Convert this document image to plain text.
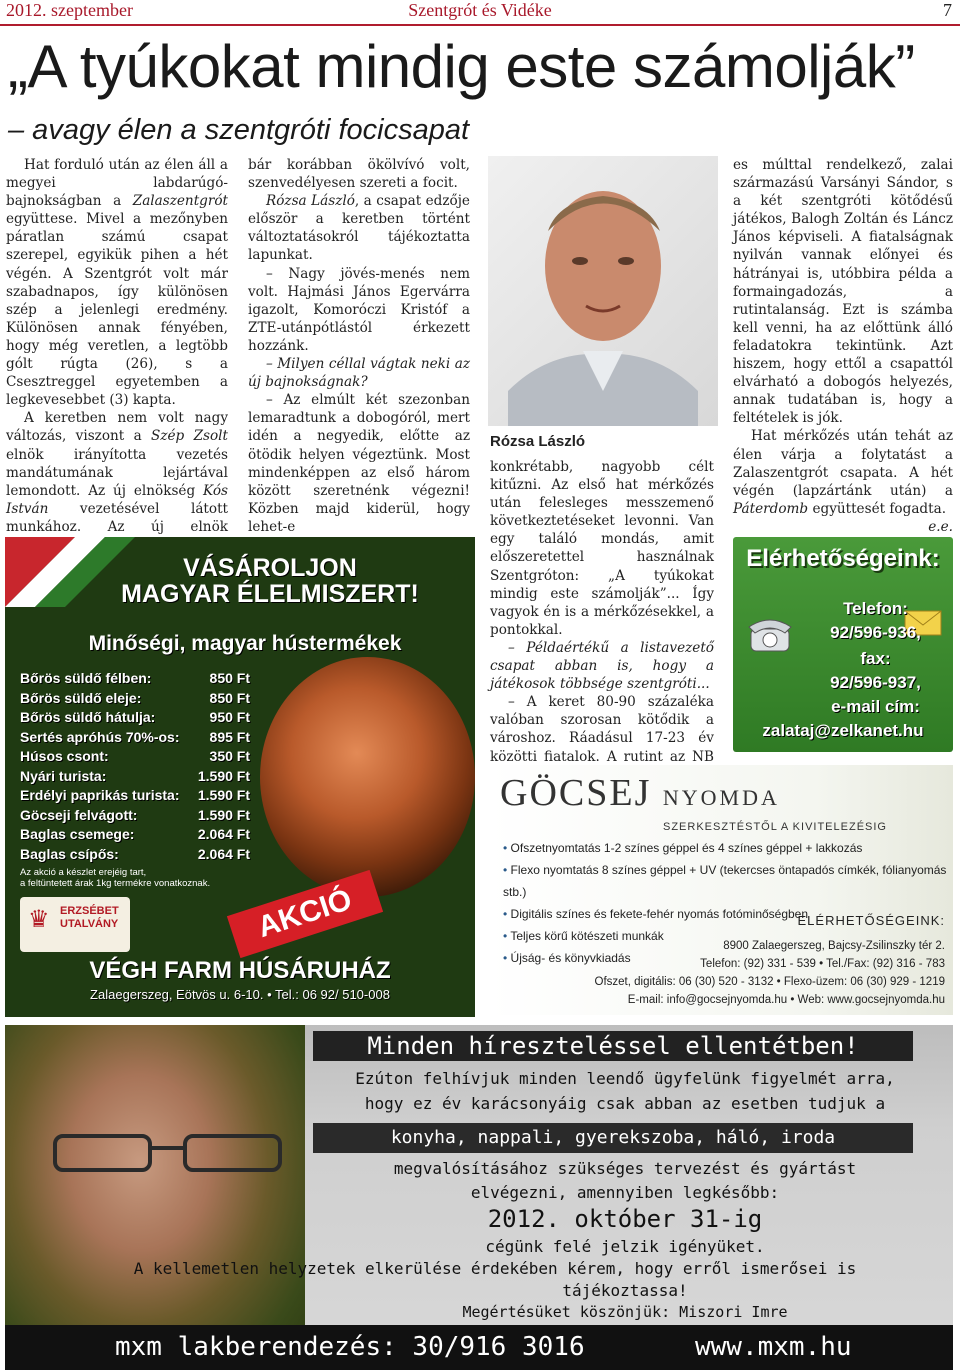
2012. szeptember	Szentgrót és Vidéke	7
„A tyúkokat mindig este számolják”
– avagy élen a szentgróti focicsapat

Hat forduló után az élen áll a megyei labdarúgó-bajnokságban a Zalaszentgrót együttese. Mivel a mezőnyben páratlan számú csapat szerepel, egyikük pihen a hét végén. A Szentgrót volt már szabadnapos, így különösen szép a jelenlegi eredmény. Különösen annak fényében, hogy még veretlen, a legtöbb gólt rúgta (26), s a Csesztreggel egyetemben a legkevesebbet (3) kapta.

A keretben nem volt nagy változás, viszont a Szép Zsolt elnök irányította vezetés mandátumának lejártával lemondott. Az új elnökség Kós István vezetésével látott munkához. Az új elnök

bár korábban ökölvívó volt, szenvedélyesen szereti a focit.

Rózsa László, a csapat edzője először a keretben történt változtatásokról tájékoztatta lapunkat.

– Nagy jövés-menés nem volt. Hajmási János Egervárra igazolt, Komoróczi Kristóf a ZTE-utánpótlástól érkezett hozzánk.

– Milyen céllal vágtak neki az új bajnokságnak?

– Az elmúlt két szezonban lemaradtunk a dobogóról, mert idén a negyedik, előtte az ötödik helyen végeztünk. Most mindenképpen az első három között szeretnénk végezni! Közben majd kiderül, hogy lehet-e

Rózsa László

konkrétabb, nagyobb célt kitűzni. Az első hat mérkőzés után felesleges messzemenő következtetéseket levonni. Van egy találó mondás, amit előszeretettel használnak Szentgróton: „A tyúkokat mindig este számolják”... Így vagyok én is a mérkőzésekkel, a pontokkal.

– Példaértékű a listavezető csapat abban is, hogy a játékosok többsége szentgróti...

– A keret 80-90 százaléka valóban szorosan kötődik a városhoz. Ráadásul 17-23 év közötti fiatalok. A rutint az NB

es múlttal rendelkező, zalai származású Varsányi Sándor, s a két szentgróti kötődésű játékos, Balogh Zoltán és Láncz János képviseli. A fiatalságnak nyilván vannak előnyei és hátrányai is, utóbbira példa a formaingadozás, a rutintalanság. Ezt is számba kell venni, ha az előttünk álló feladatokra tekintünk. Azt hiszem, hogy ettől a csapattól elvárható a dobogós helyezés, annak tudatában is, hogy a feltételek is jók.

Hat mérkőzés után tehát az élen várja a folytatást a Zalaszentgrót csapata. A hét végén (lapzártánk után) a Páterdomb együttesét fogadta.

e.e.

VÁSÁROLJON
MAGYAR ÉLELMISZERT!
Minőségi, magyar hústermékek
Bőrös süldő félben:	850 Ft
Bőrös süldő eleje:	850 Ft
Bőrös süldő hátulja:	950 Ft
Sertés apróhús 70%-os: 895 Ft
Húsos csont:	350 Ft
Nyári turista:	1.590 Ft
Erdélyi paprikás turista: 1.590 Ft
Göcseji felvágott:	1.590 Ft
Baglas csemege:	2.064 Ft
Baglas csípős:	2.064 Ft
Az akció a készlet erejéig tart,
a feltüntetett árak 1kg termékre vonatkoznak.
♛ ERZSÉBET
UTALVÁNY	AKCIÓ
VÉGH FARM HÚSÁRUHÁZ
Zalaegerszeg, Eötvös u. 6-10. • Tel.: 06 92/ 510-008
Elérhetőségeink:
Telefon:
92/596-936,
fax:
92/596-937,
e-mail cím:
zalataj@zelkanet.hu
GÖCSEJ NYOMDA
SZERKESZTÉSTŐL A KIVITELEZÉSIG
• Ofszetnyomtatás 1-2 színes géppel és 4 színes géppel + lakkozás
• Flexo nyomtatás 8 színes géppel + UV (tekercses öntapadós címkék, fólianyomás stb.)
• Digitális színes és fekete-fehér nyomás fotóminőségben
• Teljes körű kötészeti munkák
• Újság- és könyvkiadás
ELÉRHETŐSÉGEINK:
8900 Zalaegerszeg, Bajcsy-Zsilinszky tér 2.
Telefon: (92) 331 - 539 • Tel./Fax: (92) 316 - 783
Ofszet, digitális: 06 (30) 520 - 3132 • Flexo-üzem: 06 (30) 929 - 1219
E-mail: info@gocsejnyomda.hu • Web: www.gocsejnyomda.hu
Minden híresztelés​sel ellentétben!
Ezúton felhívjuk minden leendő ügyfelünk figyelmét arra,
hogy ez év karácsonyáig csak abban az esetben tudjuk a
konyha, nappali, gyerekszoba, háló, iroda
megvalósításához szükséges tervezést és gyártást
elvégezni, amennyiben legkésőbb:
2012. október 31-ig
cégünk felé jelzik igényüket.
A kellemetlen helyzetek elkerülése érdekében kérem, hogy erről ismerősei is
tájékoztassa!
Megértésüket köszönjük: Miszori Imre
mxm lakberendezés: 30/916 3016	www.mxm.hu
